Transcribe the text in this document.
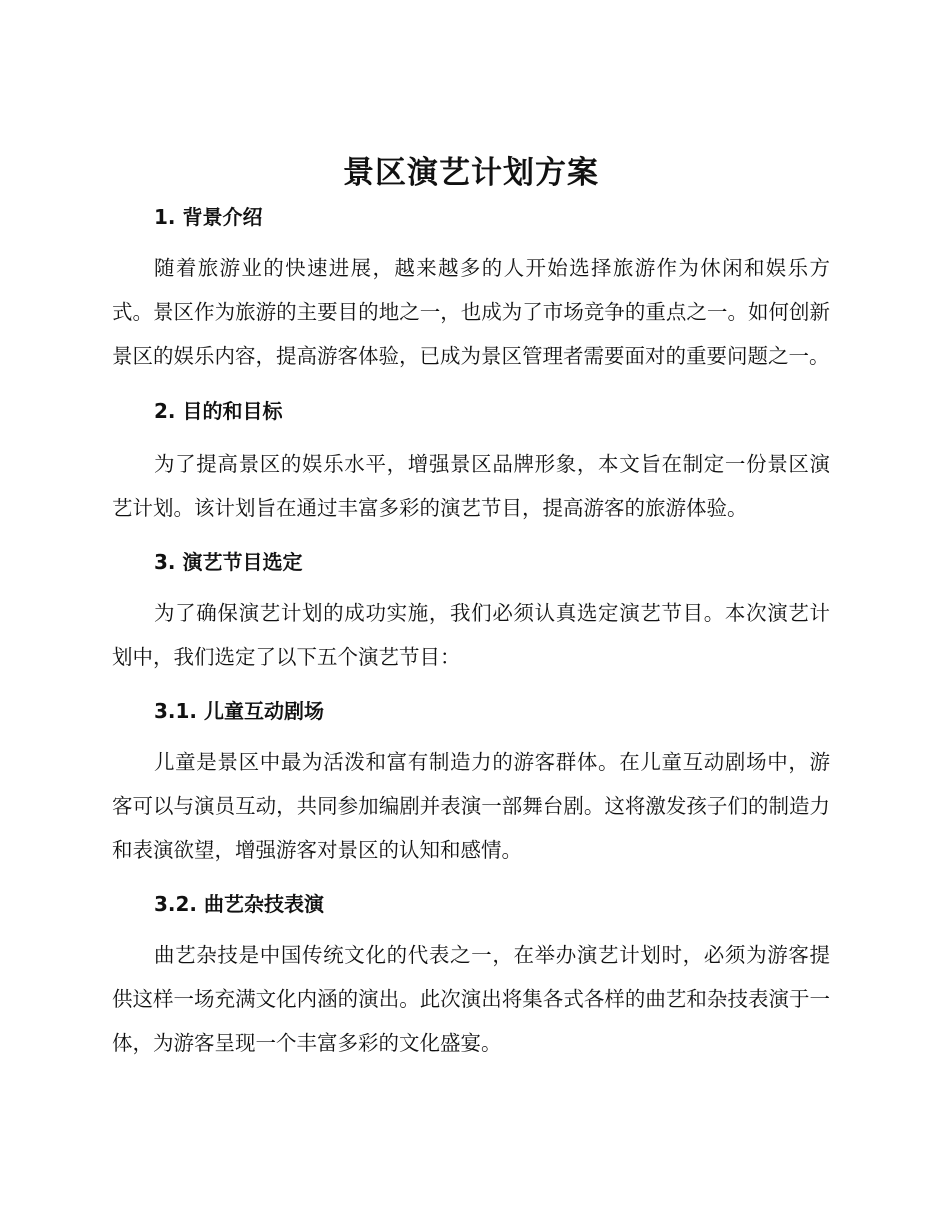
景区演艺计划方案
1. 背景介绍

随着旅游业的快速进展，越来越多的人开始选择旅游作为休闲和娱乐方式。景区作为旅游的主要目的地之一，也成为了市场竞争的重点之一。如何创新景区的娱乐内容，提高游客体验，已成为景区管理者需要面对的重要问题之一。

2. 目的和目标

为了提高景区的娱乐水平，增强景区品牌形象，本文旨在制定一份景区演艺计划。该计划旨在通过丰富多彩的演艺节目，提高游客的旅游体验。

3. 演艺节目选定

为了确保演艺计划的成功实施，我们必须认真选定演艺节目。本次演艺计划中，我们选定了以下五个演艺节目：

3.1. 儿童互动剧场

儿童是景区中最为活泼和富有制造力的游客群体。在儿童互动剧场中，游客可以与演员互动，共同参加编剧并表演一部舞台剧。这将激发孩子们的制造力和表演欲望，增强游客对景区的认知和感情。

3.2. 曲艺杂技表演

曲艺杂技是中国传统文化的代表之一，在举办演艺计划时，必须为游客提供这样一场充满文化内涵的演出。此次演出将集各式各样的曲艺和杂技表演于一体，为游客呈现一个丰富多彩的文化盛宴。
